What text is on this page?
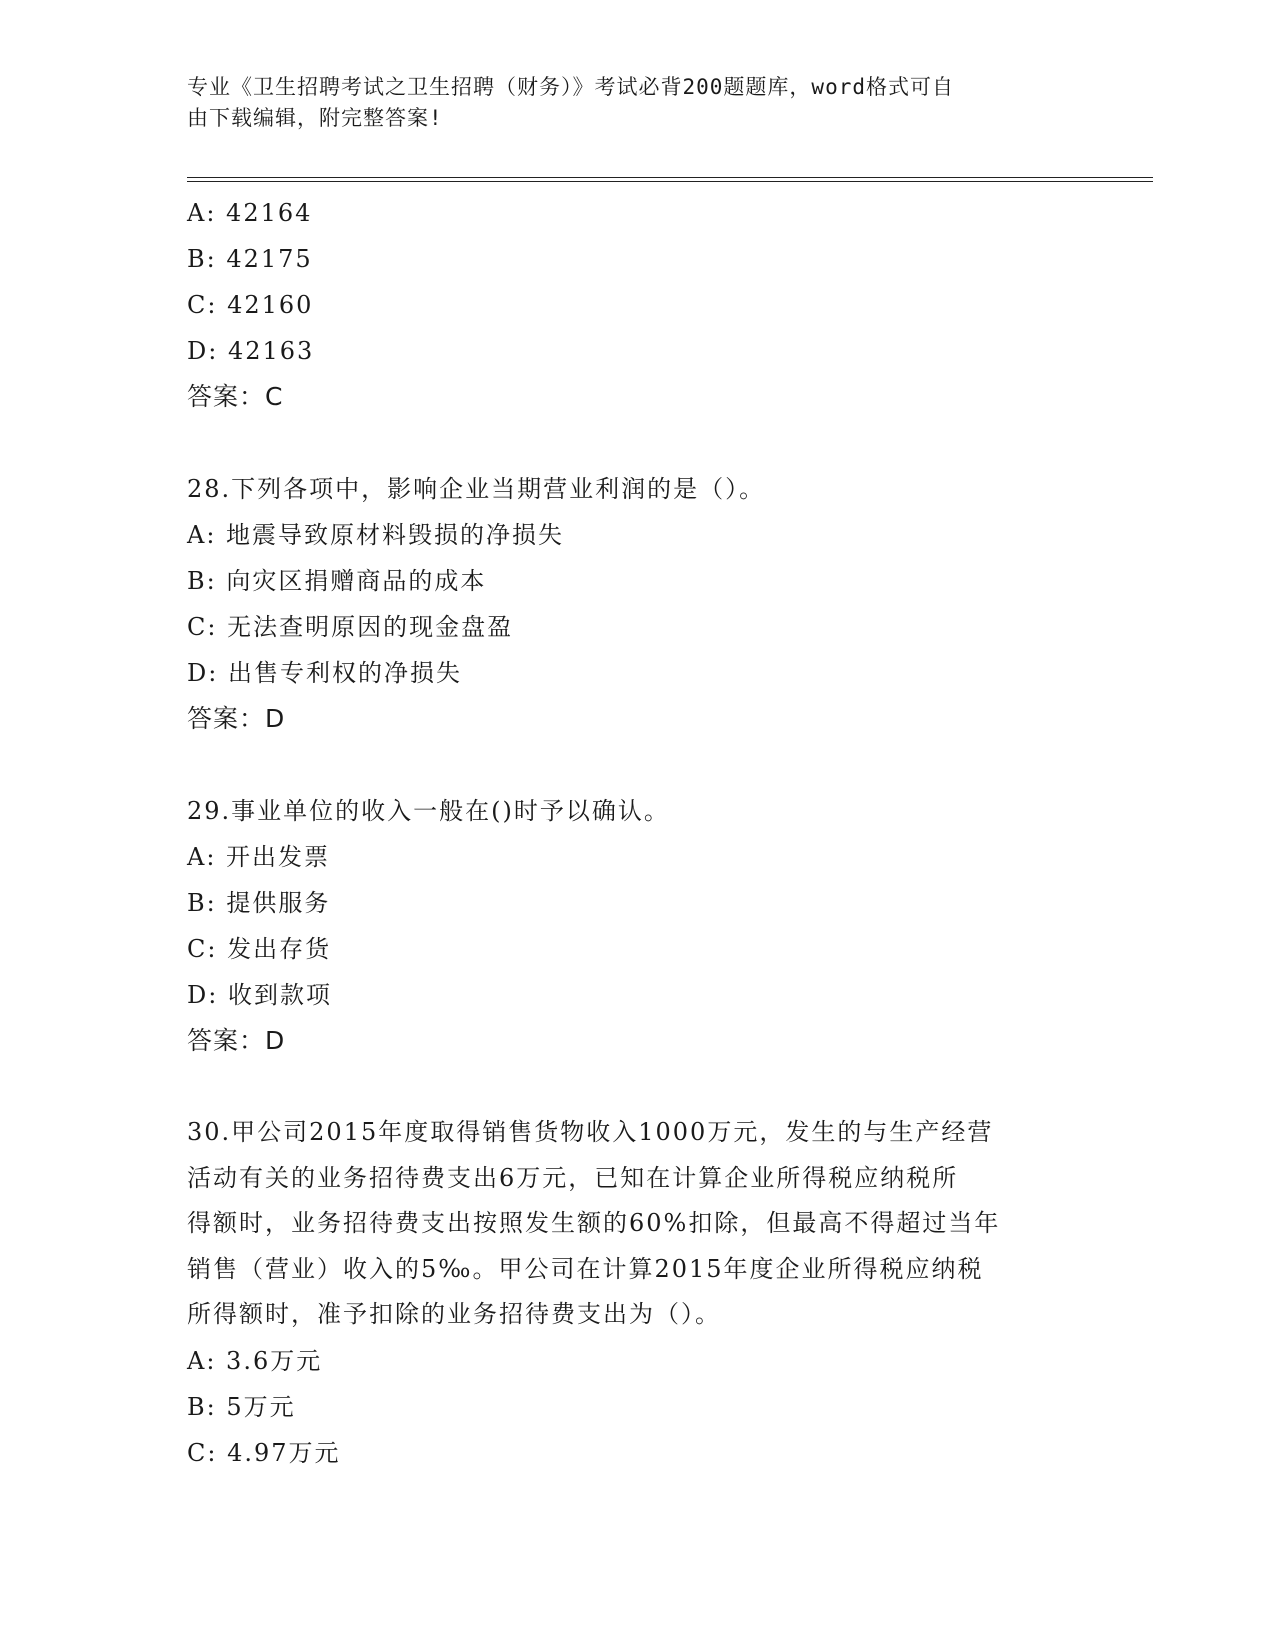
专业《卫生招聘考试之卫生招聘（财务）》考试必背200题题库，word格式可自
由下载编辑，附完整答案!
A: 42164
B: 42175
C: 42160
D: 42163
答案：C
28.下列各项中，影响企业当期营业利润的是（）。
A: 地震导致原材料毁损的净损失
B: 向灾区捐赠商品的成本
C: 无法查明原因的现金盘盈
D: 出售专利权的净损失
答案：D
29.事业单位的收入一般在()时予以确认。
A: 开出发票
B: 提供服务
C: 发出存货
D: 收到款项
答案：D
30.甲公司2015年度取得销售货物收入1000万元，发生的与生产经营
活动有关的业务招待费支出6万元，已知在计算企业所得税应纳税所
得额时，业务招待费支出按照发生额的60%扣除，但最高不得超过当年
销售（营业）收入的5‰。甲公司在计算2015年度企业所得税应纳税
所得额时，准予扣除的业务招待费支出为（）。
A: 3.6万元
B: 5万元
C: 4.97万元
